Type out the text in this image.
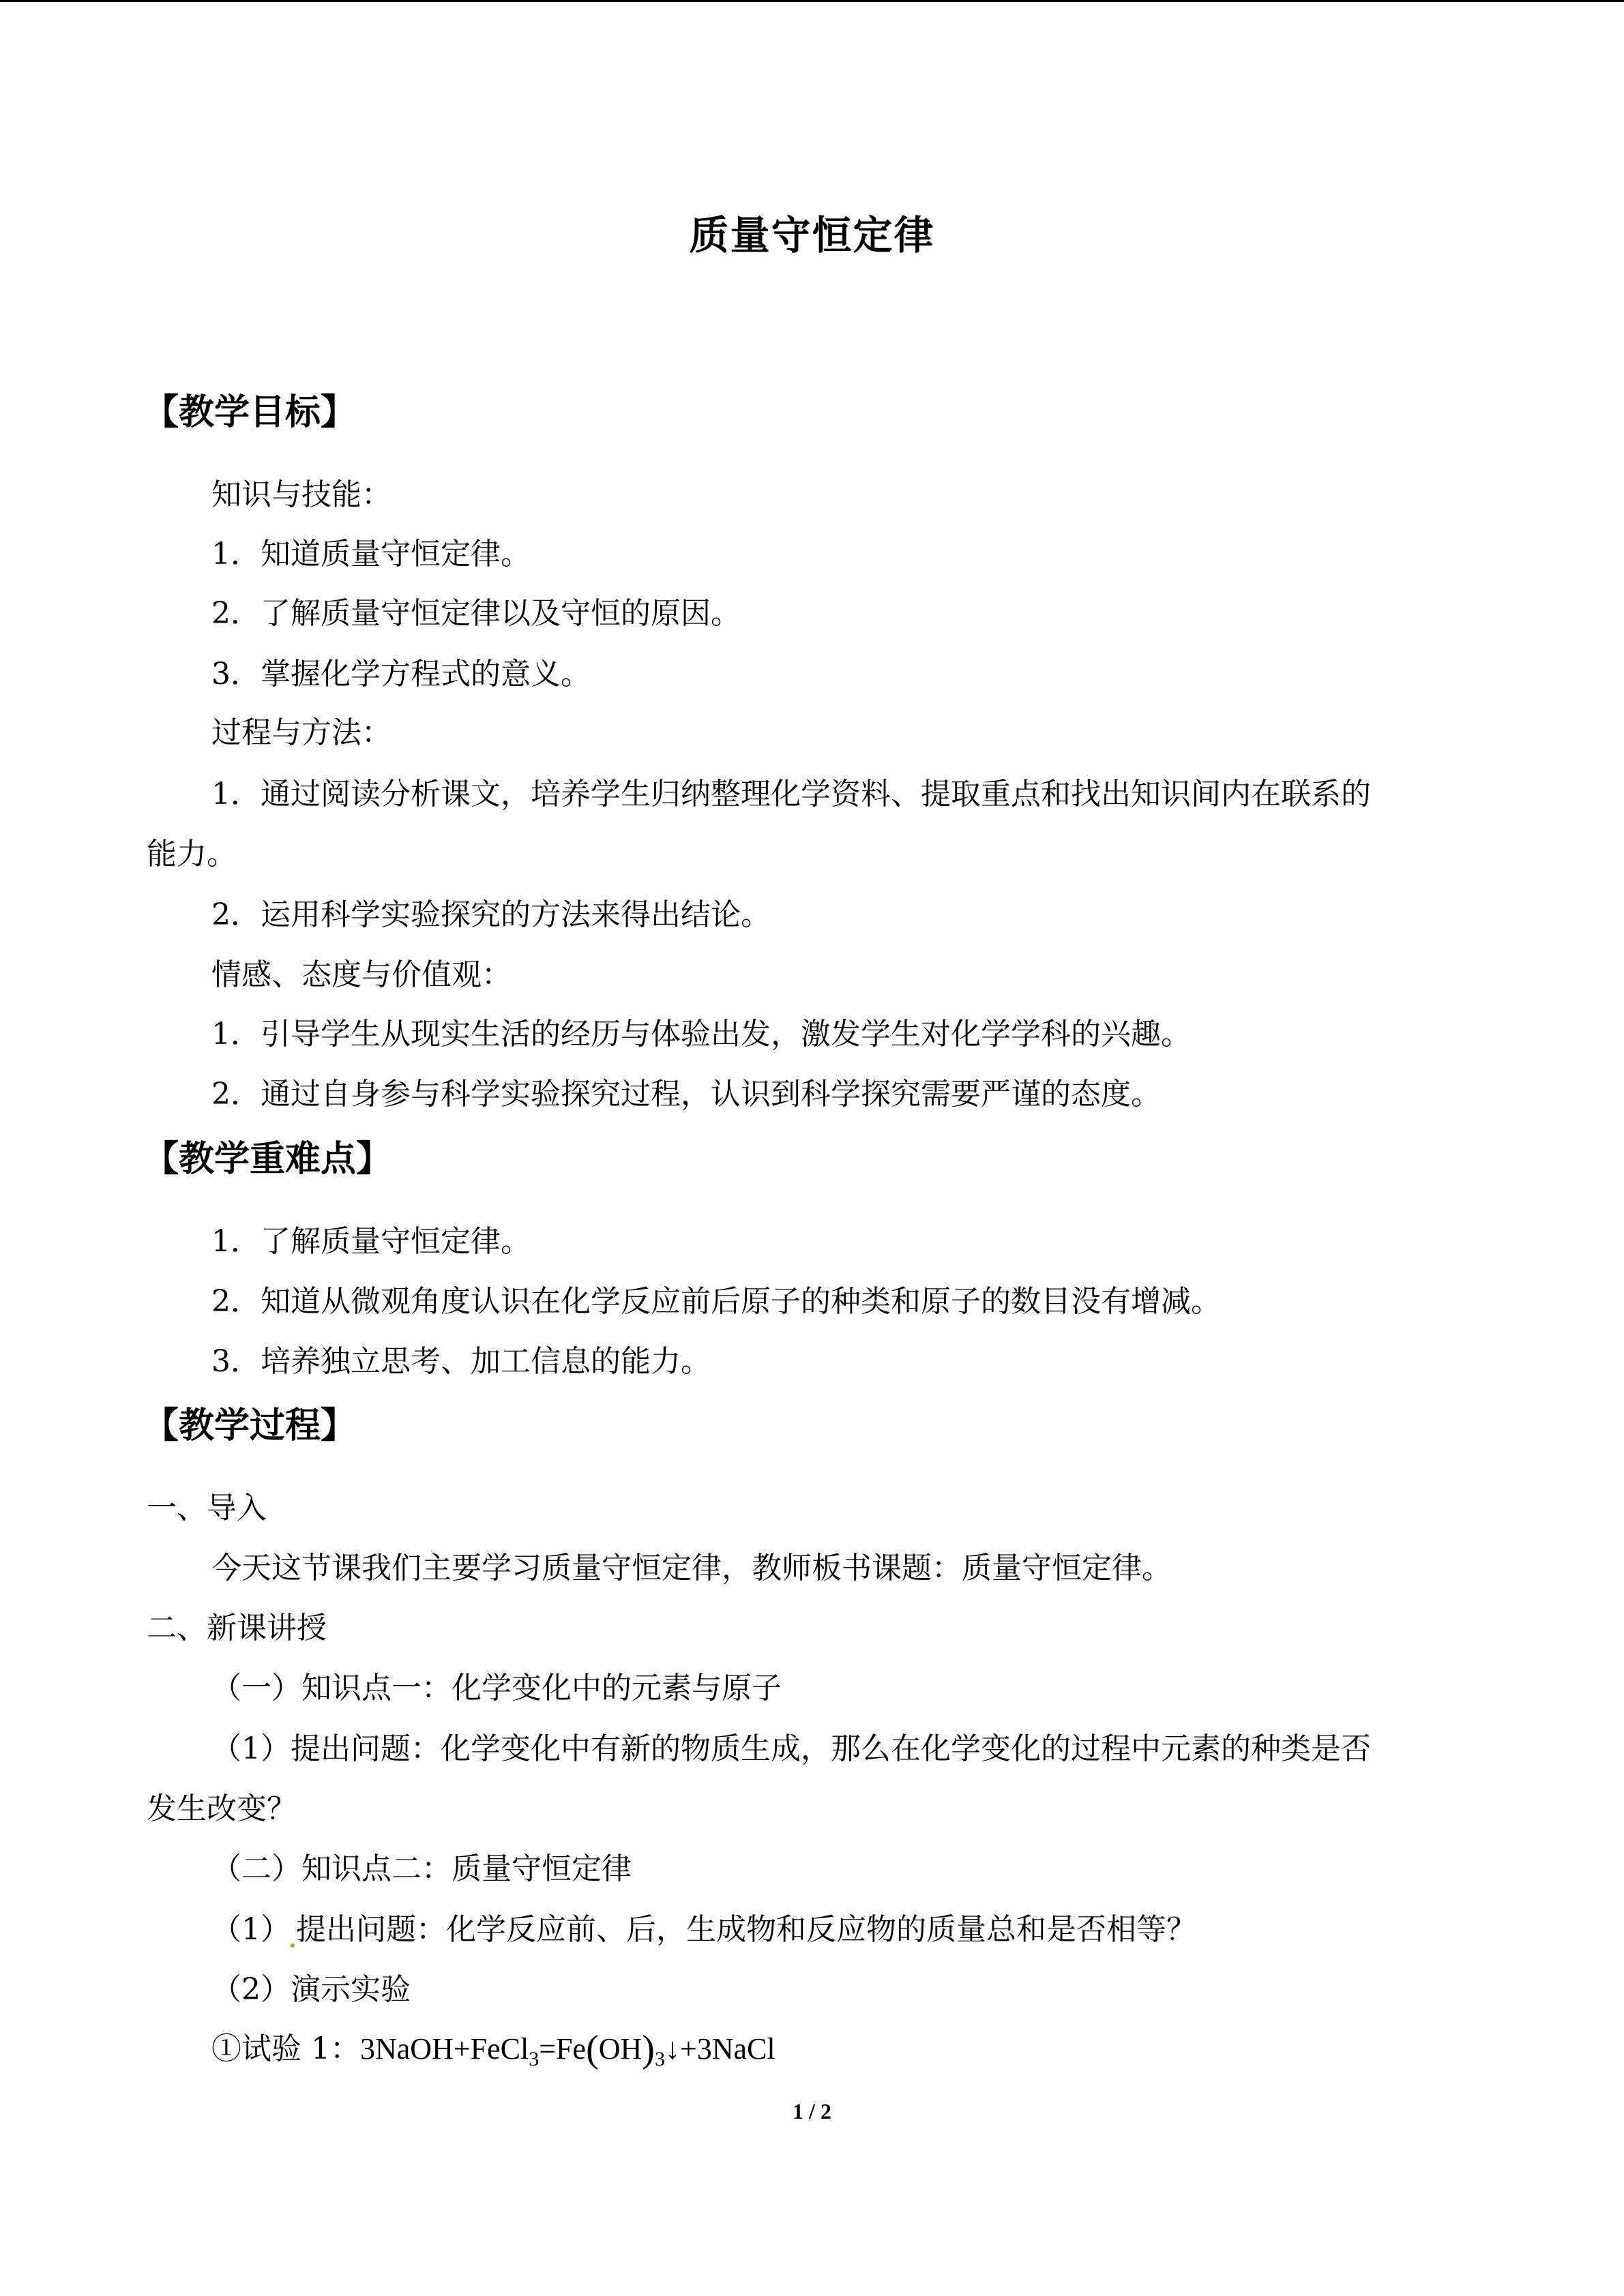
质量守恒定律
【教学目标】
知识与技能：
1．知道质量守恒定律。
2．了解质量守恒定律以及守恒的原因。
3．掌握化学方程式的意义。
过程与方法：
1．通过阅读分析课文，培养学生归纳整理化学资料、提取重点和找出知识间内在联系的
能力。
2．运用科学实验探究的方法来得出结论。
情感、态度与价值观：
1．引导学生从现实生活的经历与体验出发，激发学生对化学学科的兴趣。
2．通过自身参与科学实验探究过程，认识到科学探究需要严谨的态度。
【教学重难点】
1．了解质量守恒定律。
2．知道从微观角度认识在化学反应前后原子的种类和原子的数目没有增减。
3．培养独立思考、加工信息的能力。
【教学过程】
一、导入
今天这节课我们主要学习质量守恒定律，教师板书课题：质量守恒定律。
二、新课讲授
（一）知识点一：化学变化中的元素与原子
（1）提出问题：化学变化中有新的物质生成，那么在化学变化的过程中元素的种类是否
发生改变？
（二）知识点二：质量守恒定律
（1） 提出问题：化学反应前、后，生成物和反应物的质量总和是否相等？
（2）演示实验
①试验 1：$3NaOH+FeCl_3=Fe(OH)_3↓+3NaCl$
1 / 2
